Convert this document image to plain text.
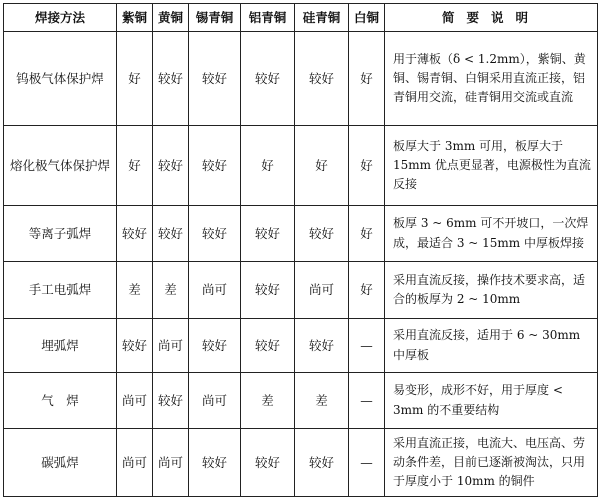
焊接方法	紫铜	黄铜	锡青铜	铝青铜	硅青铜	白铜	简要说明
钨极气体保护焊	好	较好	较好	较好	较好	好	用于薄板（δ < 1.2mm），紫铜、黄铜、锡青铜、白铜采用直流正接，铝青铜用交流，硅青铜用交流或直流
熔化极气体保护焊	好	较好	较好	好	好	好	板厚大于 3mm 可用，板厚大于 15mm 优点更显著，电源极性为直流反接
等离子弧焊	较好	较好	较好	较好	较好	好	板厚 3 ~ 6mm 可不开坡口，一次焊成，最适合 3 ~ 15mm 中厚板焊接
手工电弧焊	差	差	尚可	较好	尚可	好	采用直流反接，操作技术要求高，适合的板厚为 2 ~ 10mm
埋弧焊	较好	尚可	较好	较好	较好	—	采用直流反接，适用于 6 ~ 30mm 中厚板
气　焊	尚可	较好	尚可	差	差	—	易变形，成形不好，用于厚度 < 3mm 的不重要结构
碳弧焊	尚可	尚可	较好	较好	较好	—	采用直流正接，电流大、电压高、劳动条件差，目前已逐渐被淘汰，只用于厚度小于 10mm 的铜件
